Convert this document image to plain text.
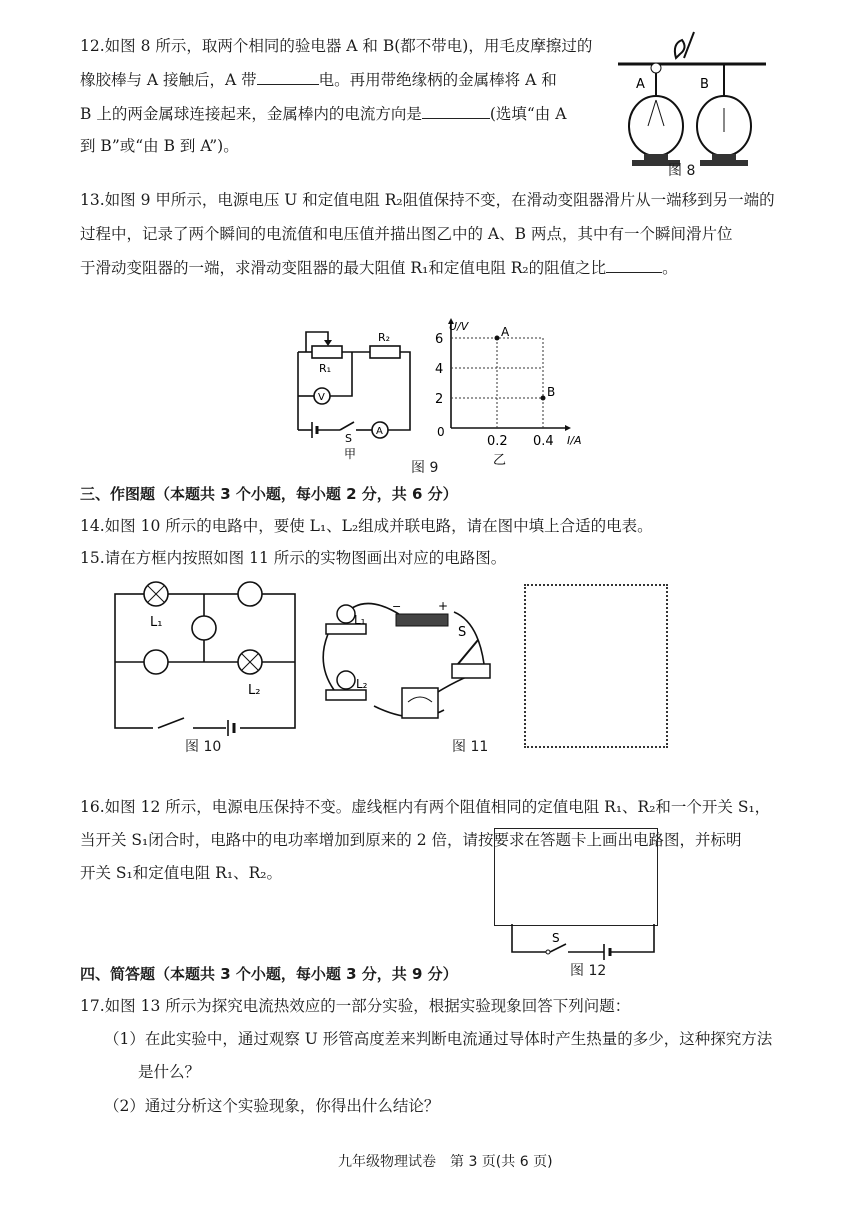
12.如图 8 所示，取两个相同的验电器 A 和 B(都不带电)，用毛皮摩擦过的
橡胶棒与 A 接触后，A 带	电。再用带绝缘柄的金属棒将 A 和
B 上的两金属球连接起来，金属棒内的电流方向是	(选填“由 A
到 B”或“由 B 到 A”)。
A	B
图 8
13.如图 9 甲所示，电源电压 U 和定值电阻 R₂阻值保持不变，在滑动变阻器滑片从一端移到另一端的
过程中，记录了两个瞬间的电流值和电压值并描出图乙中的 A、B 两点，其中有一个瞬间滑片位
于滑动变阻器的一端，求滑动变阻器的最大阻值 R₁和定值电阻 R₂的阻值之比	。
R₁
R₂
V
A
S
甲
2
4
6
0.2 0.4
0
U/V
I/A
A
B
乙
图 9
三、作图题（本题共 3 个小题，每小题 2 分，共 6 分）
14.如图 10 所示的电路中，要使 L₁、L₂组成并联电路，请在图中填上合适的电表。
15.请在方框内按照如图 11 所示的实物图画出对应的电路图。
L₁
L₂
图 10
L₁
L₂
S
−	+
图 11
16.如图 12 所示，电源电压保持不变。虚线框内有两个阻值相同的定值电阻 R₁、R₂和一个开关 S₁，
当开关 S₁闭合时，电路中的电功率增加到原来的 2 倍，请按要求在答题卡上画出电路图，并标明
开关 S₁和定值电阻 R₁、R₂。
S
图 12
四、简答题（本题共 3 个小题，每小题 3 分，共 9 分）
17.如图 13 所示为探究电流热效应的一部分实验，根据实验现象回答下列问题：
（1）在此实验中，通过观察 U 形管高度差来判断电流通过导体时产生热量的多少，这种探究方法
是什么？
（2）通过分析这个实验现象，你得出什么结论？
九年级物理试卷　第 3 页(共 6 页)
